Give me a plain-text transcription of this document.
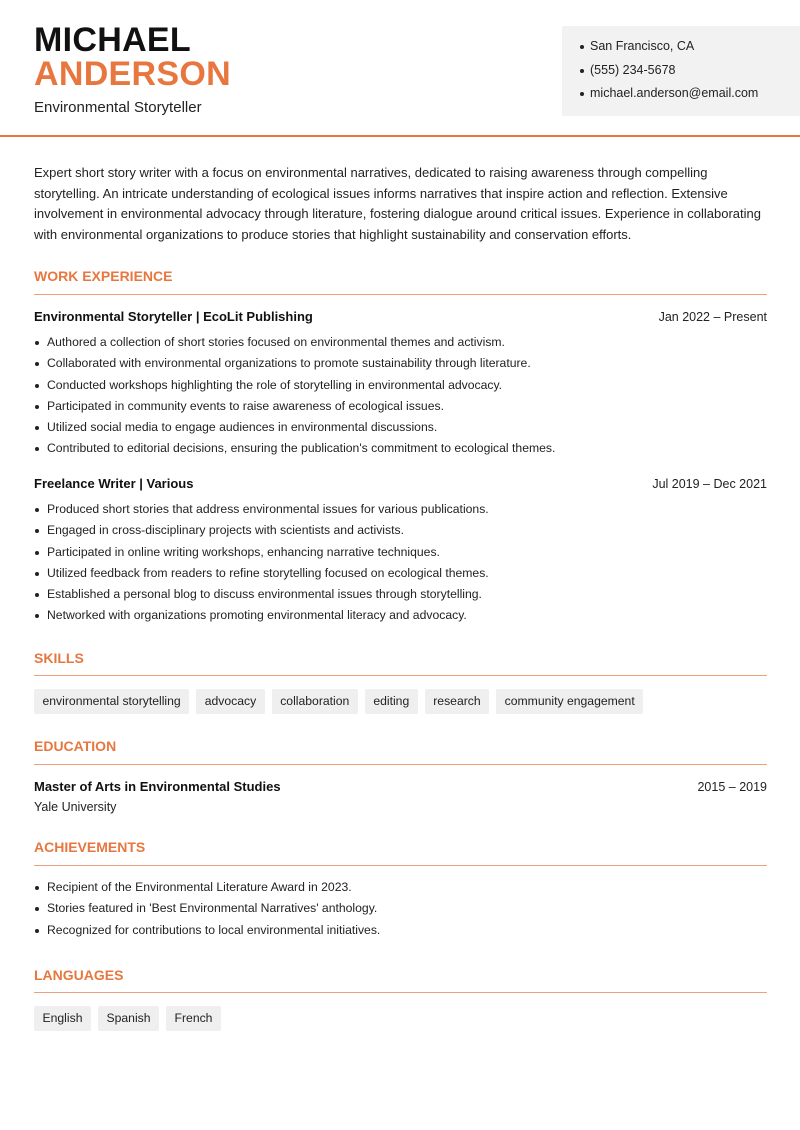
MICHAEL
ANDERSON
Environmental Storyteller
San Francisco, CA
(555) 234-5678
michael.anderson@email.com

Expert short story writer with a focus on environmental narratives, dedicated to raising awareness through compelling storytelling. An intricate understanding of ecological issues informs narratives that inspire action and reflection. Extensive involvement in environmental advocacy through literature, fostering dialogue around critical issues. Experience in collaborating with environmental organizations to produce stories that highlight sustainability and conservation efforts.

WORK EXPERIENCE
Environmental Storyteller | EcoLit Publishing	Jan 2022 – Present
Authored a collection of short stories focused on environmental themes and activism.
Collaborated with environmental organizations to promote sustainability through literature.
Conducted workshops highlighting the role of storytelling in environmental advocacy.
Participated in community events to raise awareness of ecological issues.
Utilized social media to engage audiences in environmental discussions.
Contributed to editorial decisions, ensuring the publication's commitment to ecological themes.
Freelance Writer | Various	Jul 2019 – Dec 2021
Produced short stories that address environmental issues for various publications.
Engaged in cross-disciplinary projects with scientists and activists.
Participated in online writing workshops, enhancing narrative techniques.
Utilized feedback from readers to refine storytelling focused on ecological themes.
Established a personal blog to discuss environmental issues through storytelling.
Networked with organizations promoting environmental literacy and advocacy.
SKILLS
environmental storytelling	advocacy	collaboration	editing	research	community engagement
EDUCATION
Master of Arts in Environmental Studies	2015 – 2019
Yale University
ACHIEVEMENTS
Recipient of the Environmental Literature Award in 2023.
Stories featured in 'Best Environmental Narratives' anthology.
Recognized for contributions to local environmental initiatives.
LANGUAGES
English	Spanish	French
